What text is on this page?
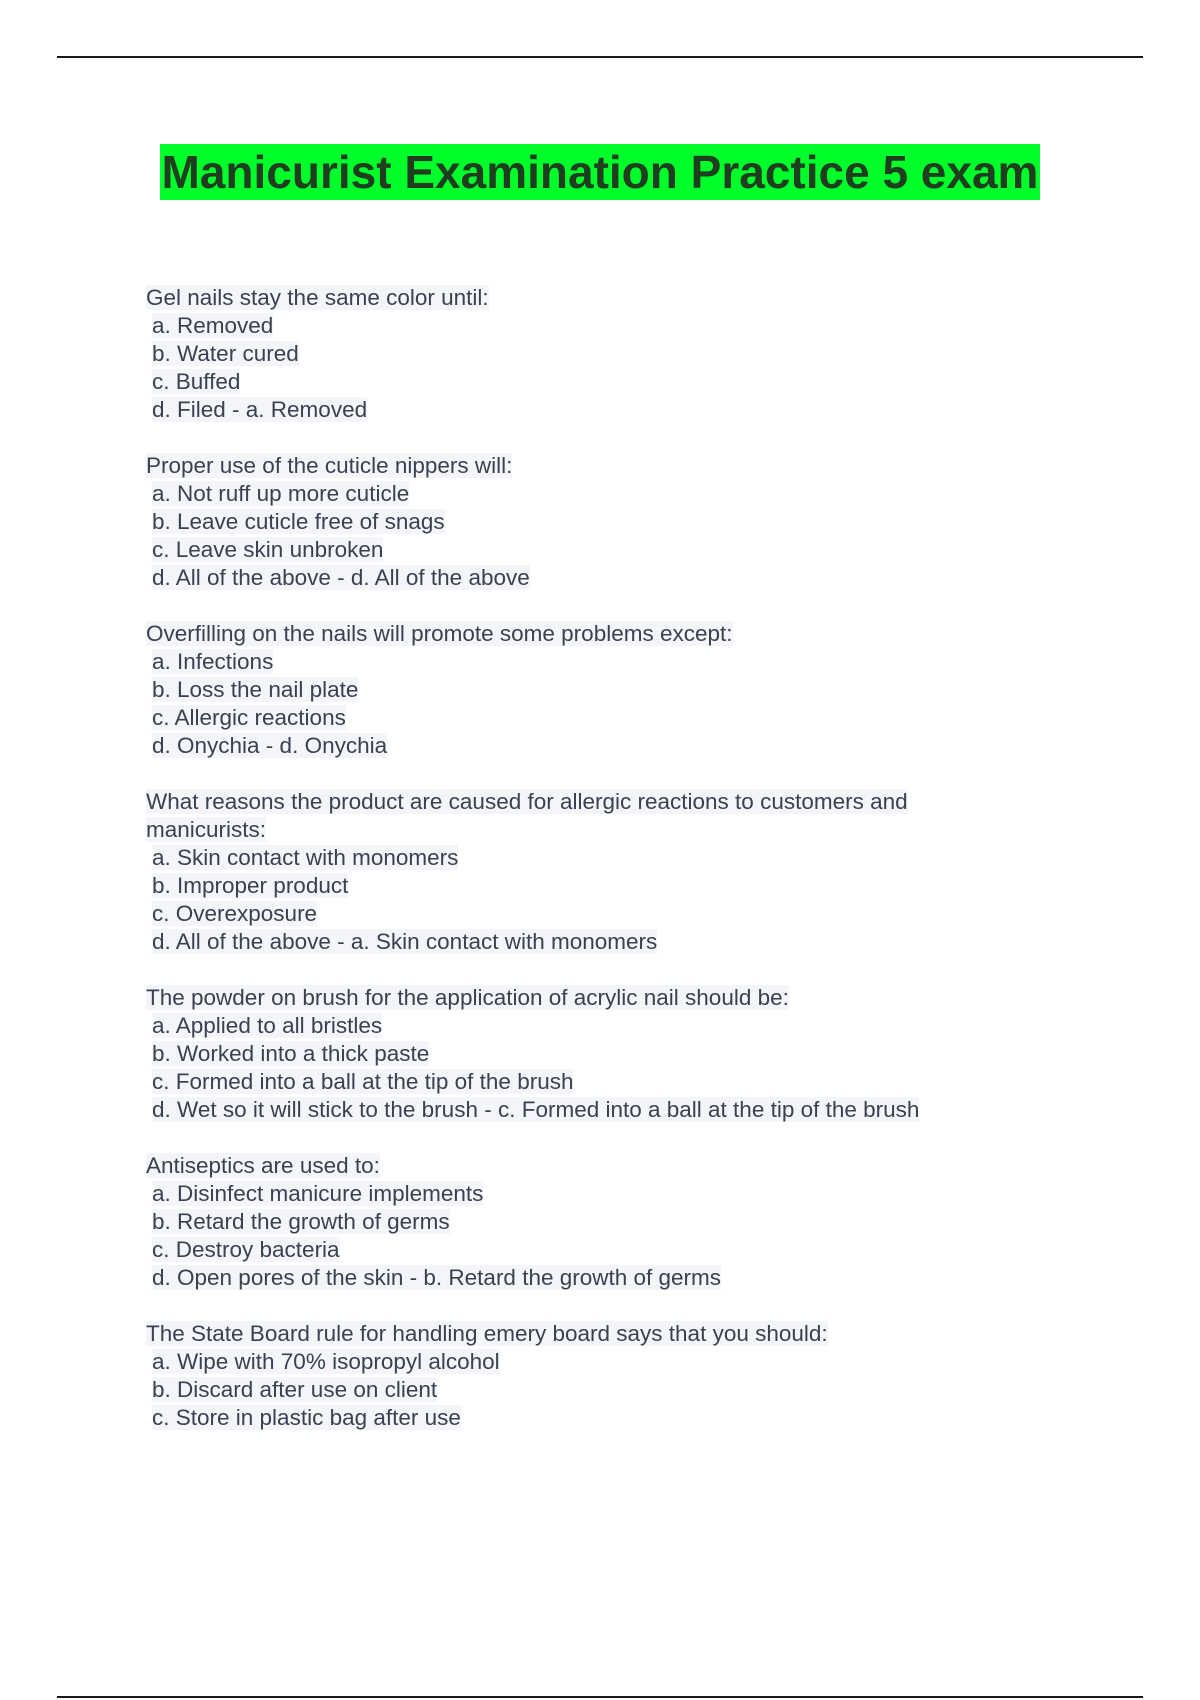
Manicurist Examination Practice 5 exam

Gel nails stay the same color until:

a. Removed

b. Water cured

c. Buffed

d. Filed - a. Removed

Proper use of the cuticle nippers will:

a. Not ruff up more cuticle

b. Leave cuticle free of snags

c. Leave skin unbroken

d. All of the above - d. All of the above

Overfilling on the nails will promote some problems except:

a. Infections

b. Loss the nail plate

c. Allergic reactions

d. Onychia - d. Onychia

What reasons the product are caused for allergic reactions to customers and manicurists:

a. Skin contact with monomers

b. Improper product

c. Overexposure

d. All of the above - a. Skin contact with monomers

The powder on brush for the application of acrylic nail should be:

a. Applied to all bristles

b. Worked into a thick paste

c. Formed into a ball at the tip of the brush

d. Wet so it will stick to the brush - c. Formed into a ball at the tip of the brush

Antiseptics are used to:

a. Disinfect manicure implements

b. Retard the growth of germs

c. Destroy bacteria

d. Open pores of the skin - b. Retard the growth of germs

The State Board rule for handling emery board says that you should:

a. Wipe with 70% isopropyl alcohol

b. Discard after use on client

c. Store in plastic bag after use
